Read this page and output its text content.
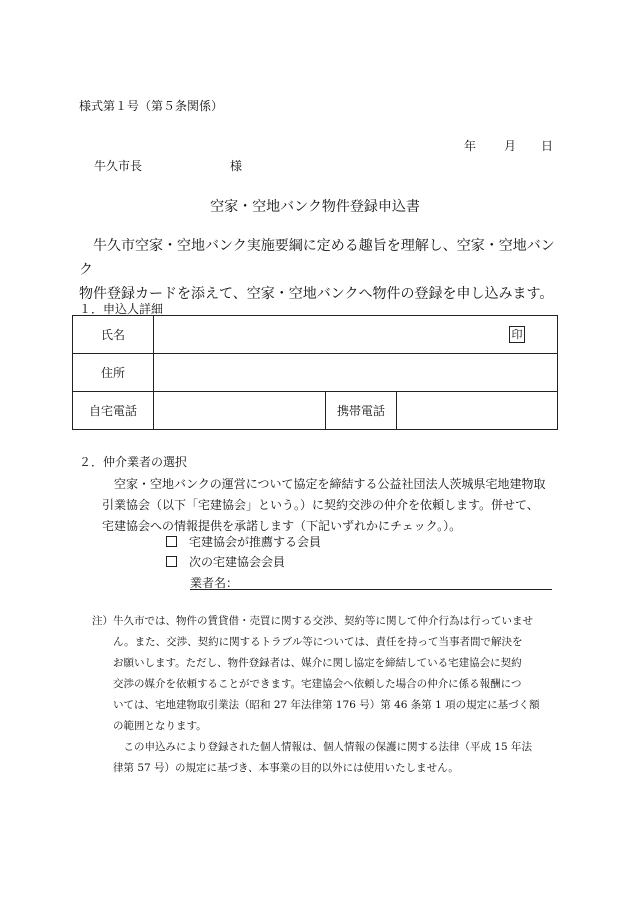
様式第１号（第５条関係）
年 月 日
牛久市長	様
空家・空地バンク物件登録申込書

　牛久市空家・空地バンク実施要綱に定める趣旨を理解し、空家・空地バンク

物件登録カードを添えて、空家・空地バンクへ物件の登録を申し込みます。

１．申込人詳細
氏名	印		

住所			
自宅電話		携帯電話	
２．仲介業者の選択

　空家・空地バンクの運営について協定を締結する公益社団法人茨城県宅地建物取

引業協会（以下「宅建協会」という。）に契約交渉の仲介を依頼します。併せて、

宅建協会への情報提供を承諾します（下記いずれかにチェック。）。

宅建協会が推薦する会員
次の宅建協会会員
業者名：
注） 牛久市では、物件の賃貸借・売買に関する交渉、契約等に関して仲介行為は行っていませ

ん。また、交渉、契約に関するトラブル等については、責任を持って当事者間で解決を

お願いします。ただし、物件登録者は、媒介に関し協定を締結している宅建協会に契約

交渉の媒介を依頼することができます。宅建協会へ依頼した場合の仲介に係る報酬につ

いては、宅地建物取引業法（昭和 27 年法律第 176 号）第 46 条第 1 項の規定に基づく額

の範囲となります。

この申込みにより登録された個人情報は、個人情報の保護に関する法律（平成 15 年法

律第 57 号）の規定に基づき、本事業の目的以外には使用いたしません。
